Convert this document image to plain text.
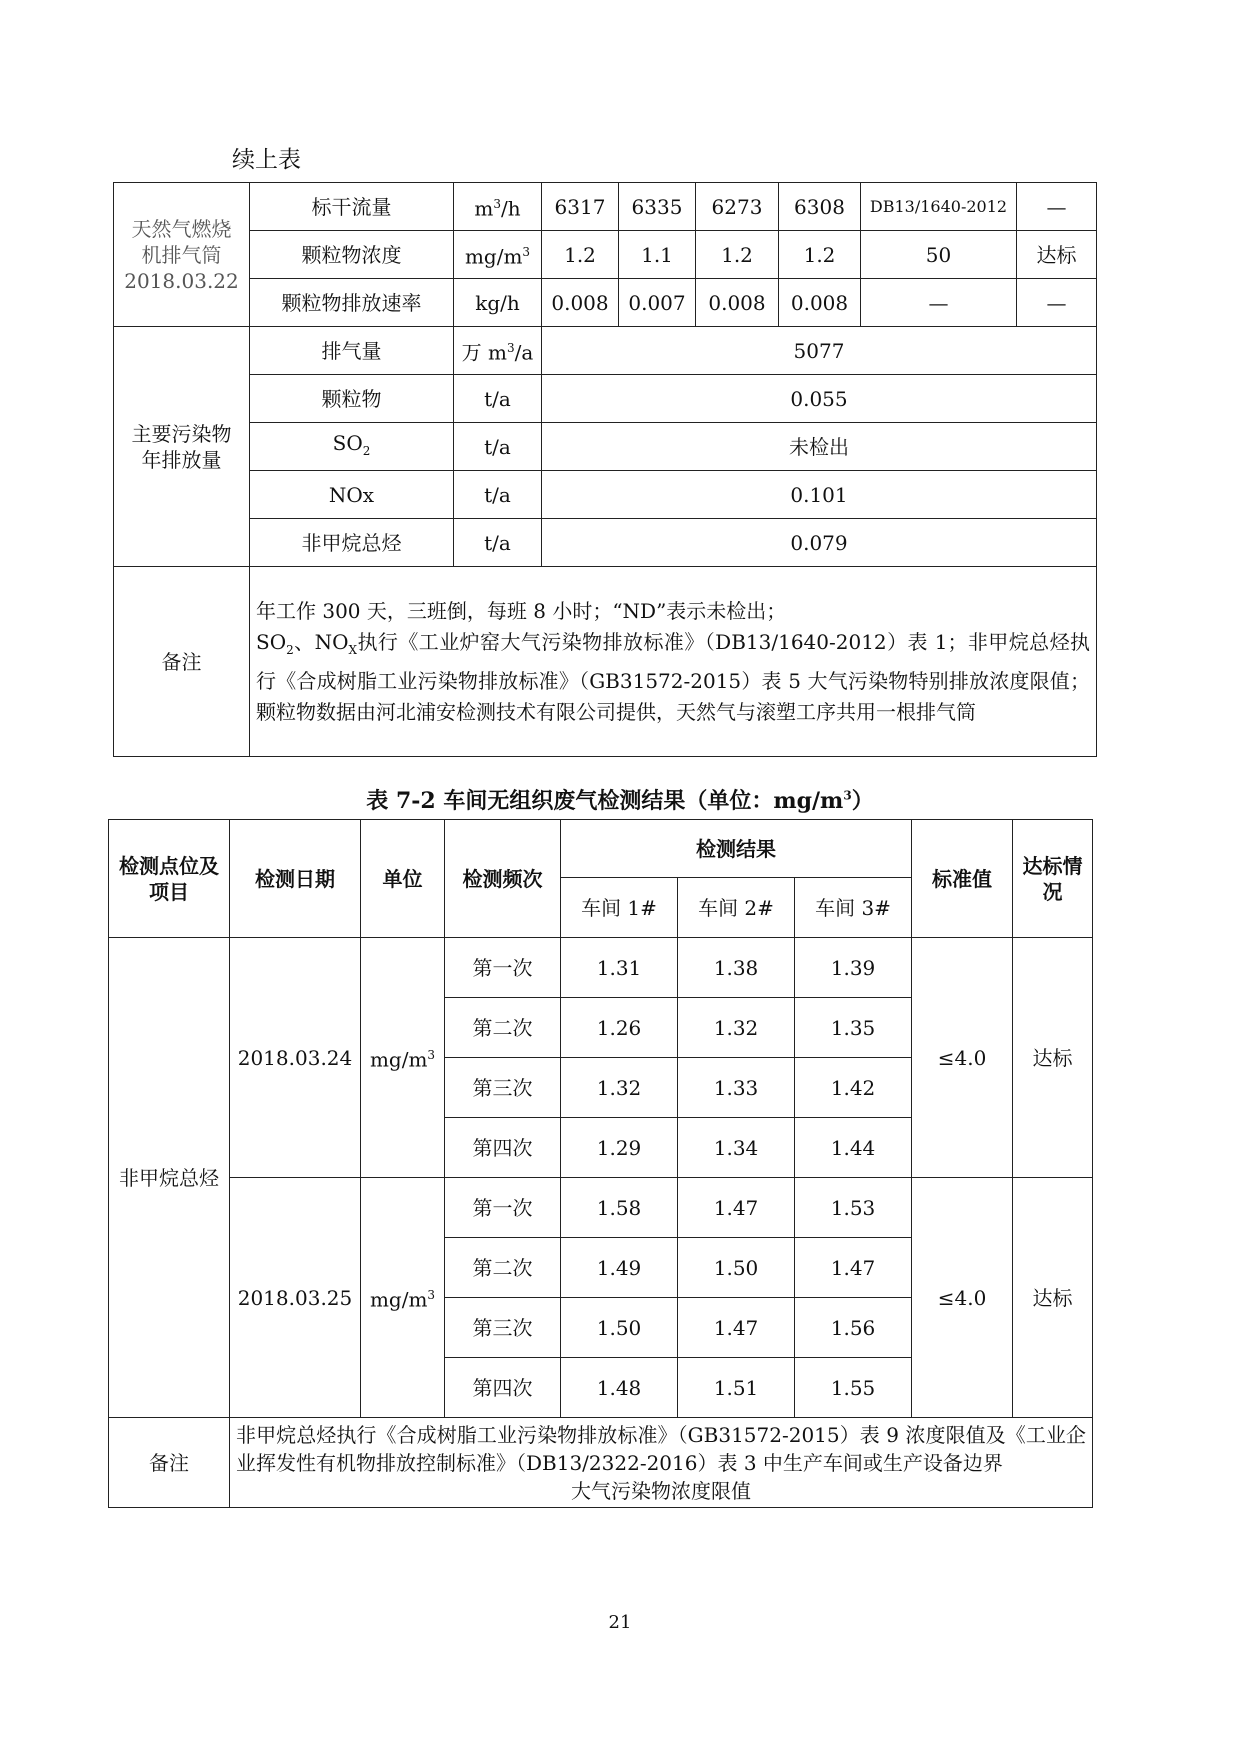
续上表
天然气燃烧
机排气筒
2018.03.22	标干流量	$m^3/h$	6317	6335	6273	6308	DB13/1640-2012	—
	颗粒物浓度	$mg/m^3$	1.2	1.1	1.2	1.2	50	达标
	颗粒物排放速率	kg/h	0.008	0.007	0.008	0.008	—	—
主要污染物
年排放量	排气量	万 $m^3/a$	5077					
	颗粒物	t/a	0.055					
	$SO_2$	t/a	未检出					
	NOx	t/a	0.101					
	非甲烷总烃	t/a	0.079					
备注	年工作 300 天，三班倒，每班 8 小时；“ND”表示未检出；
$SO_2$、$NO_X$执行《工业炉窑大气污染物排放标准》（DB13/1640-2012）表 1；非甲烷总烃执行《合成树脂工业污染物排放标准》（GB31572-2015）表 5 大气污染物特别排放浓度限值；颗粒物数据由河北浦安检测技术有限公司提供，天然气与滚塑工序共用一根排气筒							
表 7-2 车间无组织废气检测结果（单位：$mg/m^3$）
检测点位及项目	检测日期	单位	检测频次	检测结果			标准值	达标情况
				车间 1#	车间 2#	车间 3#		
非甲烷总烃	2018.03.24	$mg/m^3$	第一次	1.31	1.38	1.39	≤4.0	达标
			第二次	1.26	1.32	1.35		
			第三次	1.32	1.33	1.42		
			第四次	1.29	1.34	1.44		
	2018.03.25	$mg/m^3$	第一次	1.58	1.47	1.53	≤4.0	达标
			第二次	1.49	1.50	1.47		
			第三次	1.50	1.47	1.56		
			第四次	1.48	1.51	1.55		
备注	非甲烷总烃执行《合成树脂工业污染物排放标准》（GB31572-2015）表 9 浓度限值及《工业企业挥发性有机物排放控制标准》（DB13/2322-2016）表 3 中生产车间或生产设备边界
大气污染物浓度限值							
21
